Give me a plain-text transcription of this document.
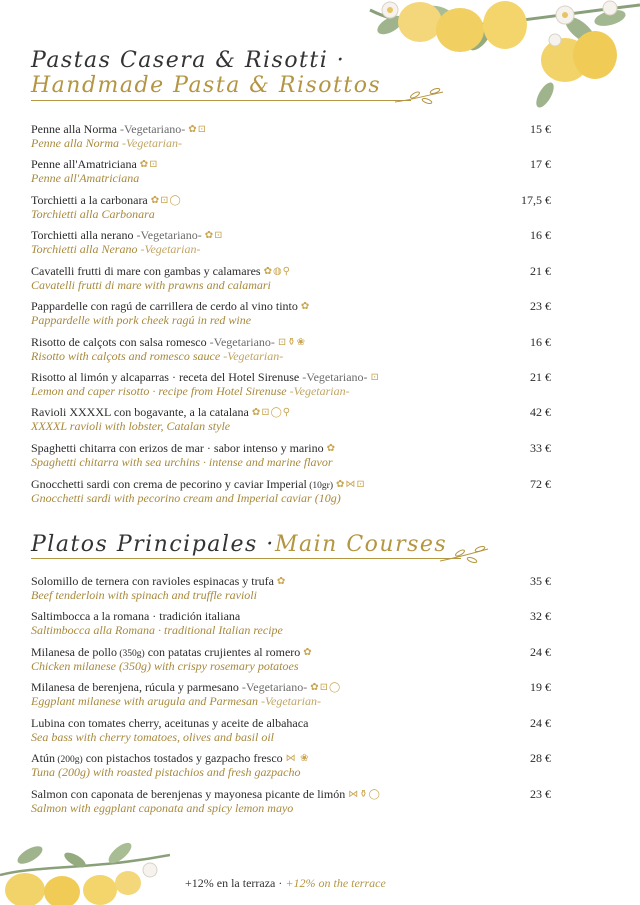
Pastas Casera & Risotti ·
Handmade Pasta & Risottos
Penne alla Norma -Vegetariano- ✿⊡
Penne alla Norma -Vegetarian-
15 €
Penne all'Amatriciana ✿⊡
Penne all'Amatriciana
17 €
Torchietti a la carbonara ✿⊡◯
Torchietti alla Carbonara
17,5 €
Torchietti alla nerano -Vegetariano- ✿⊡
Torchietti alla Nerano -Vegetarian-
16 €
Cavatelli frutti di mare con gambas y calamares ✿◍⚲
Cavatelli frutti di mare with prawns and calamari
21 €
Pappardelle con ragú de carrillera de cerdo al vino tinto ✿
Pappardelle with pork cheek ragú in red wine
23 €
Risotto de calçots con salsa romesco -Vegetariano- ⊡⚱❀
Risotto with calçots and romesco sauce -Vegetarian-
16 €
Risotto al limón y alcaparras · receta del Hotel Sirenuse -Vegetariano- ⊡
Lemon and caper risotto · recipe from Hotel Sirenuse -Vegetarian-
21 €
Ravioli XXXXL con bogavante, a la catalana ✿⊡◯⚲
XXXXL ravioli with lobster, Catalan style
42 €
Spaghetti chitarra con erizos de mar · sabor intenso y marino ✿
Spaghetti chitarra with sea urchins · intense and marine flavor
33 €
Gnocchetti sardi con crema de pecorino y caviar Imperial (10gr) ✿⋈⊡
Gnocchetti sardi with pecorino cream and Imperial caviar (10g)
72 €
Platos Principales · Main Courses
Solomillo de ternera con ravioles espinacas y trufa ✿
Beef tenderloin with spinach and truffle ravioli
35 €
Saltimbocca a la romana · tradición italiana
Saltimbocca alla Romana · traditional Italian recipe
32 €
Milanesa de pollo (350g) con patatas crujientes al romero ✿
Chicken milanese (350g) with crispy rosemary potatoes
24 €
Milanesa de berenjena, rúcula y parmesano -Vegetariano- ✿⊡◯
Eggplant milanese with arugula and Parmesan -Vegetarian-
19 €
Lubina con tomates cherry, aceitunas y aceite de albahaca
Sea bass with cherry tomatoes, olives and basil oil
24 €
Atún (200g) con pistachos tostados y gazpacho fresco ⋈ ❀
Tuna (200g) with roasted pistachios and fresh gazpacho
28 €
Salmon con caponata de berenjenas y mayonesa picante de limón ⋈⚱◯
Salmon with eggplant caponata and spicy lemon mayo
23 €
+12% en la terraza · +12% on the terrace
